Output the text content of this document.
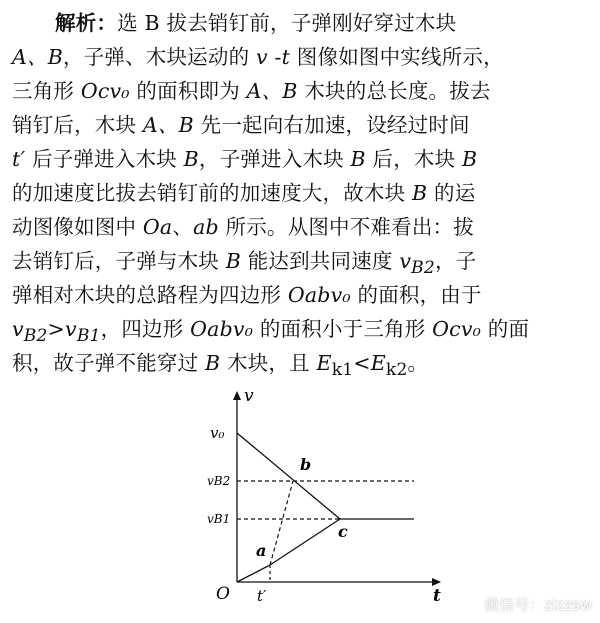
解析：选 B 拔去销钉前，子弹刚好穿过木块
A、B，子弹、木块运动的 v -t 图像如图中实线所示，
三角形 Ocv₀ 的面积即为 A、B 木块的总长度。拔去
销钉后，木块 A、B 先一起向右加速，设经过时间
t′ 后子弹进入木块 B，子弹进入木块 B 后，木块 B
的加速度比拔去销钉前的加速度大，故木块 B 的运
动图像如图中 Oa、ab 所示。从图中不难看出：拔
去销钉后，子弹与木块 B 能达到共同速度 $v_{B2}$，子
弹相对木块的总路程为四边形 Oabv₀ 的面积，由于
$v_{B2}>v_{B1}$，四边形 Oabv₀ 的面积小于三角形 Ocv₀ 的面
积，故子弹不能穿过 B 木块，且 $E_{k1}<E_{k2}$。
v
t
O
v₀
vB2
vB1
t′
a
b
c
微信号：zizzsw
